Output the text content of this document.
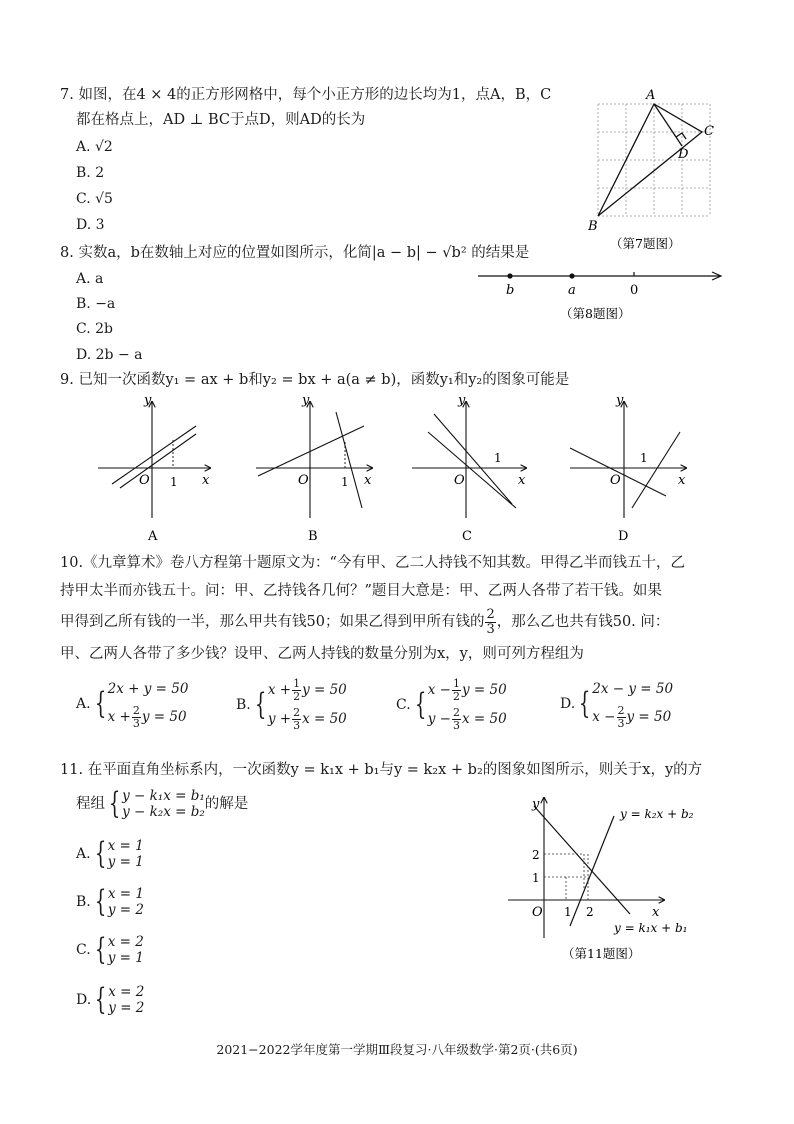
7. 如图，在4 × 4的正方形网格中，每个小正方形的边长均为1，点A，B，C
都在格点上，AD ⊥ BC于点D，则AD的长为
A. √2
B. 2
C. √5
D. 3
A
B
C
D
（第7题图）
8. 实数a，b在数轴上对应的位置如图所示，化简|a − b| − √b² 的结果是
A. a
B. −a
C. 2b
D. 2b − a
b	a	0
（第8题图）
9. 已知一次函数y₁ = ax + b和y₂ = bx + a(a ≠ b)，函数y₁和y₂的图象可能是
y
x
O 1
A
y
x
O	1
B
y
x
O
1
C
y
x
O
1
D
10.《九章算术》卷八方程第十题原文为：“今有甲、乙二人持钱不知其数。甲得乙半而钱五十，乙
持甲太半而亦钱五十。问：甲、乙持钱各几何？”题目大意是：甲、乙两人各带了若干钱。如果
甲得到乙所有钱的一半，那么甲共有钱50；如果乙得到甲所有钱的 $\frac{2}{3}$ ，那么乙也共有钱50. 问：
甲、乙两人各带了多少钱？设甲、乙两人持钱的数量分别为x，y，则可列方程组为
A. { 2x + y = 50
$x + \frac{2}{3}$ y = 50
B. { $x + \frac{1}{2}$ y = 50
$y + \frac{2}{3}$ x = 50
C. { $x - \frac{1}{2}$ y = 50
$y - \frac{2}{3}$ x = 50
D. { 2x − y = 50
$x - \frac{2}{3}$ y = 50
11. 在平面直角坐标系内，一次函数y = k₁x + b₁与y = k₂x + b₂的图象如图所示，则关于x，y的方
程组 { y − k₁x = b₁
y − k₂x = b₂ 的解是
A. { x = 1
y = 1
B. { x = 1
y = 2
C. { x = 2
y = 1
D. { x = 2
y = 2
y
x
O
2
1
1 2
y = k₂x + b₂
y = k₁x + b₁
（第11题图）
2021−2022学年度第一学期Ⅲ段复习·八年级数学·第2页·(共6页)
